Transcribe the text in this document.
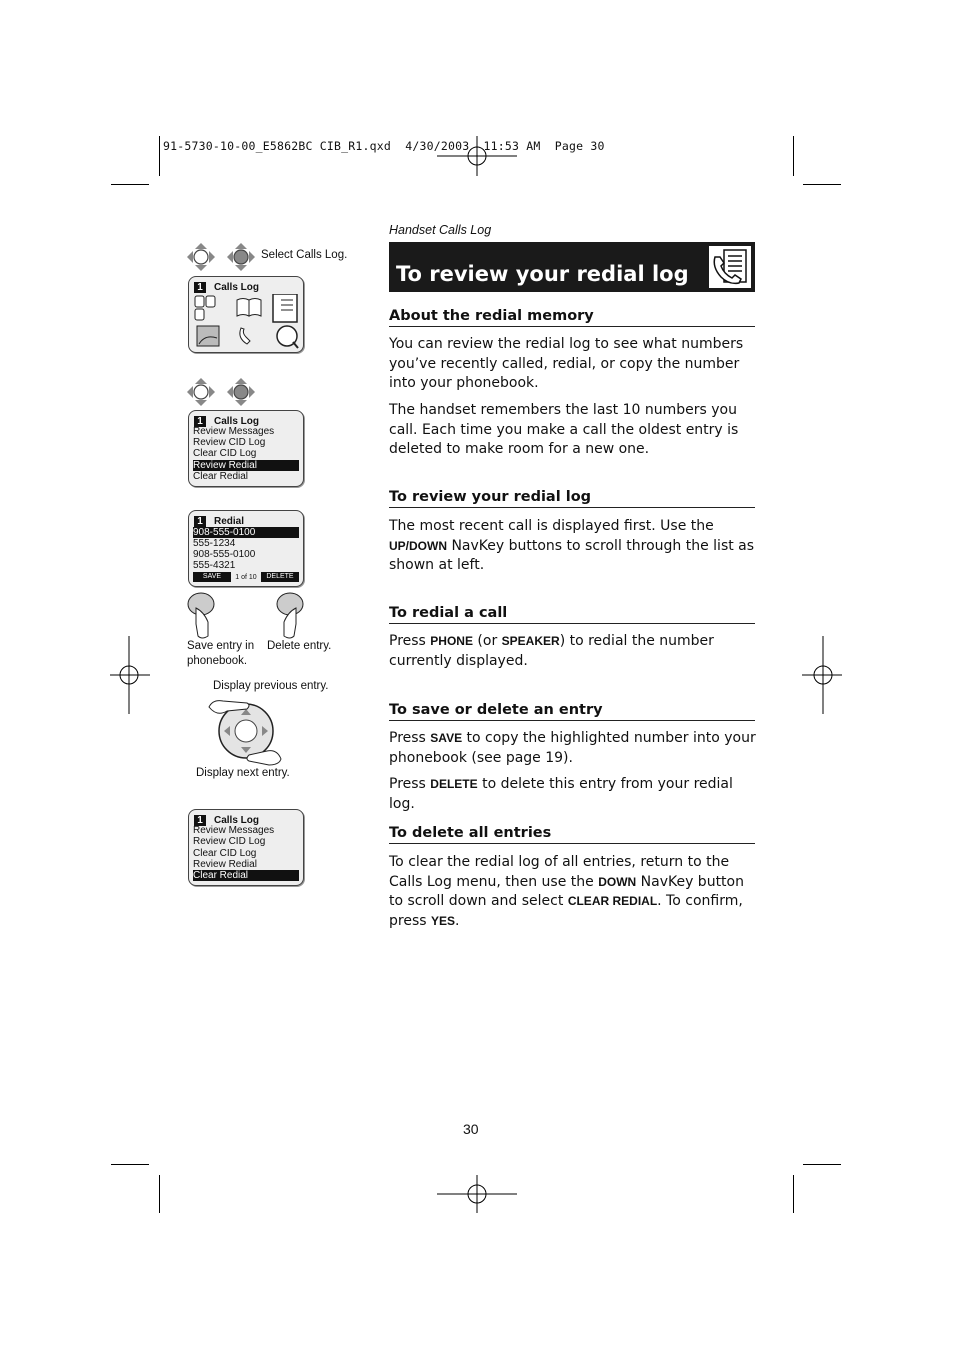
91-5730-10-00_E5862BC CIB_R1.qxd  4/30/2003  11:53 AM  Page 30
Handset Calls Log
To review your redial log
About the redial memory

You can review the redial log to see what numbers you’ve recently called, redial, or copy the number into your phonebook.

The handset remembers the last 10 numbers you call. Each time you make a call the oldest entry is deleted to make room for a new one.

To review your redial log

The most recent call is displayed first. Use the UP/DOWN NavKey buttons to scroll through the list as shown at left.

To redial a call

Press PHONE (or SPEAKER) to redial the number currently displayed.

To save or delete an entry

Press SAVE to copy the highlighted number into your phonebook (see page 19).

Press DELETE to delete this entry from your redial log.

To delete all entries

To clear the redial log of all entries, return to the Calls Log menu, then use the DOWN NavKey button to scroll down and select CLEAR REDIAL. To confirm, press YES.

Select Calls Log.
1 Calls Log
1 Calls Log
Review Messages
Review CID Log
Clear CID Log
Review Redial
Clear Redial
1 Redial
908-555-0100
555-1234
908-555-0100
555-4321
SAVE	1 of 10	DELETE
Save entry in
phonebook.
Delete entry.
Display previous entry.
Display next entry.
1 Calls Log
Review Messages
Review CID Log
Clear CID Log
Review Redial
Clear Redial
30
